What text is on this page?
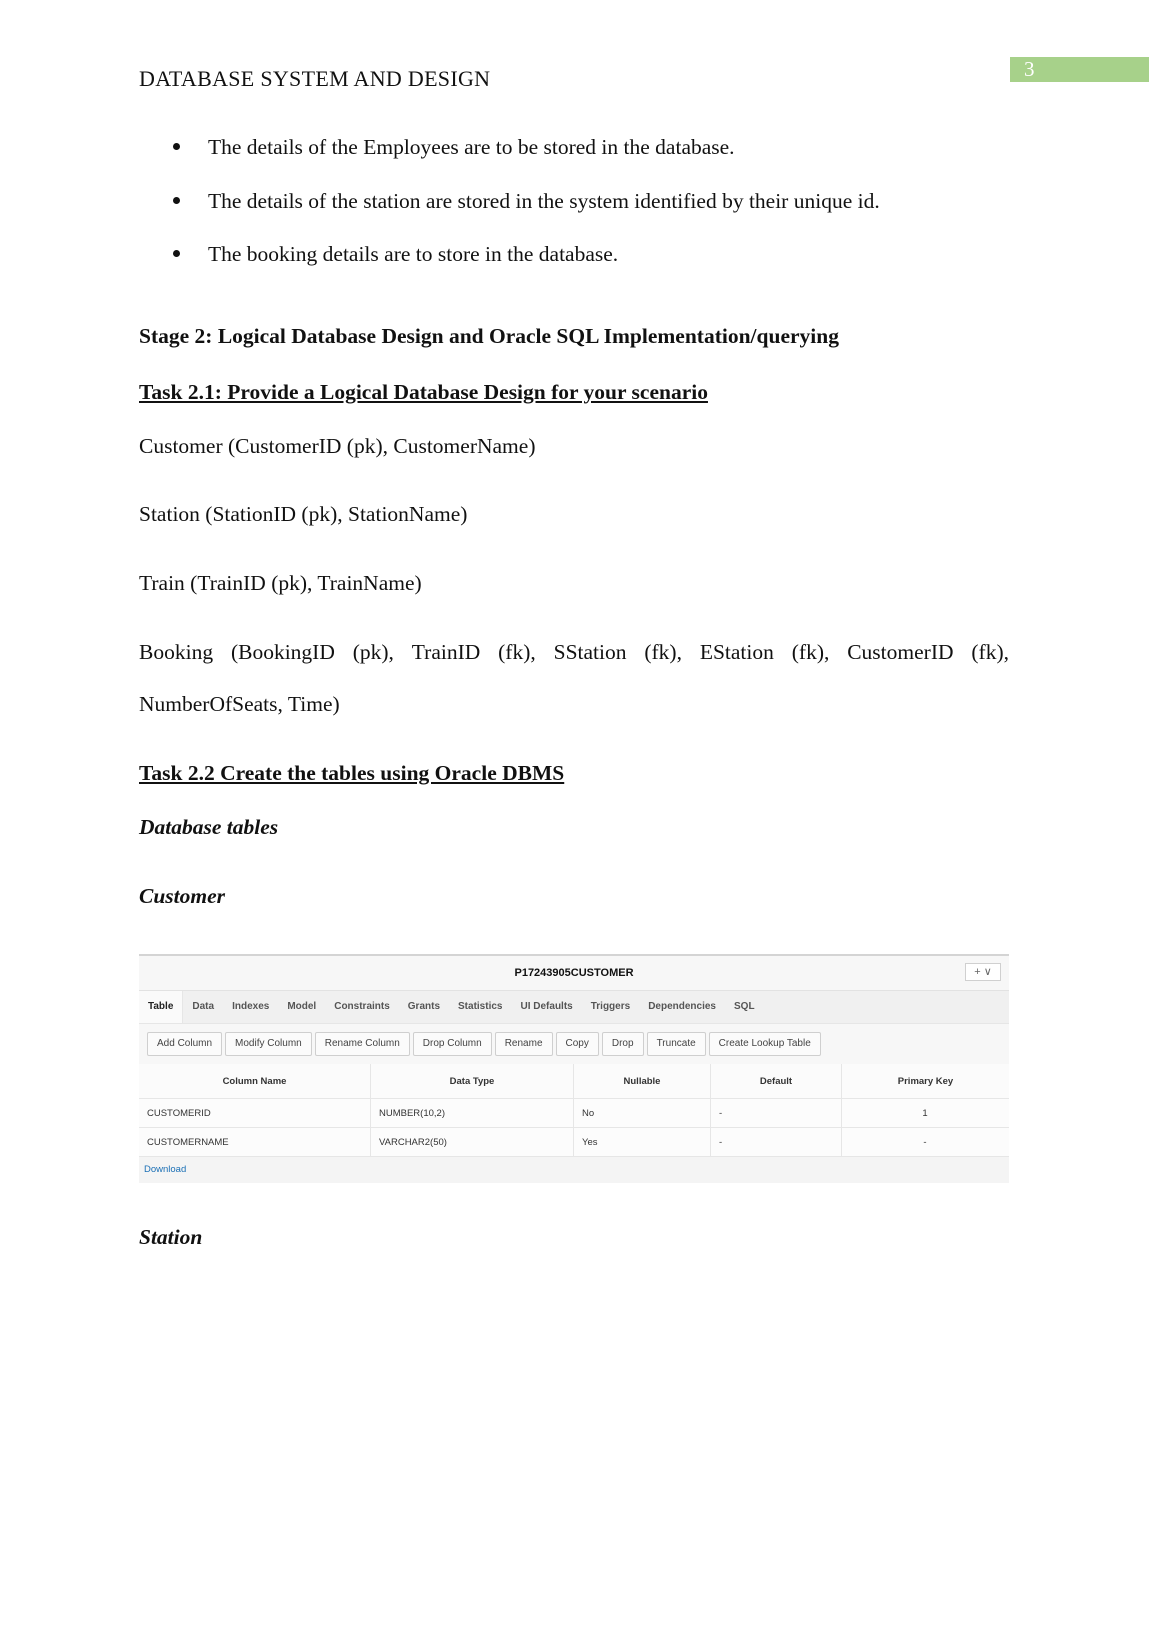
DATABASE SYSTEM AND DESIGN	3
The details of the Employees are to be stored in the database.
The details of the station are stored in the system identified by their unique id.
The booking details are to store in the database.
Stage 2: Logical Database Design and Oracle SQL Implementation/querying
Task 2.1: Provide a Logical Database Design for your scenario
Customer (CustomerID (pk), CustomerName)
Station (StationID (pk), StationName)
Train (TrainID (pk), TrainName)
Booking (BookingID (pk), TrainID (fk), SStation (fk), EStation (fk), CustomerID (fk),
NumberOfSeats, Time)
Task 2.2 Create the tables using Oracle DBMS
Database tables
Customer
P17243905CUSTOMER	+ ∨
Table	Data	Indexes	Model	Constraints	Grants	Statistics	UI Defaults	Triggers	Dependencies	SQL
Add Column	Modify Column	Rename Column	Drop Column	Rename	Copy	Drop	Truncate	Create Lookup Table
Column Name	Data Type	Nullable	Default	Primary Key
CUSTOMERID	NUMBER(10,2)	No	-	1
CUSTOMERNAME	VARCHAR2(50)	Yes	-	-
Download
Station
